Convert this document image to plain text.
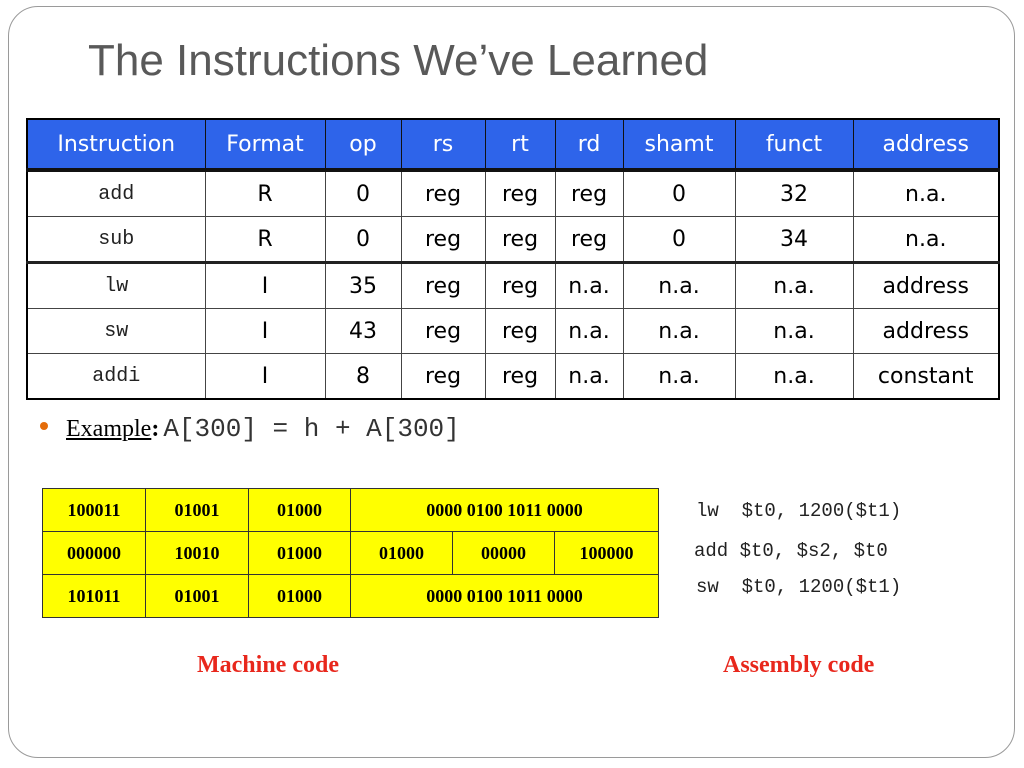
The Instructions We’ve Learned
Instruction	Format	op	rs	rt	rd	shamt	funct	address
add	R	0	reg	reg	reg	0	32	n.a.
sub	R	0	reg	reg	reg	0	34	n.a.
lw	I	35	reg	reg	n.a.	n.a.	n.a.	address
sw	I	43	reg	reg	n.a.	n.a.	n.a.	address
addi	I	8	reg	reg	n.a.	n.a.	n.a.	constant
Example : A[300] = h + A[300]
100011	01001	01000	0000 0100 1011 0000		
000000	10010	01000	01000	00000	100000
101011	01001	01000	0000 0100 1011 0000		
lw  $t0, 1200($t1)
add $t0, $s2, $t0
sw  $t0, 1200($t1)
Machine code	Assembly code
